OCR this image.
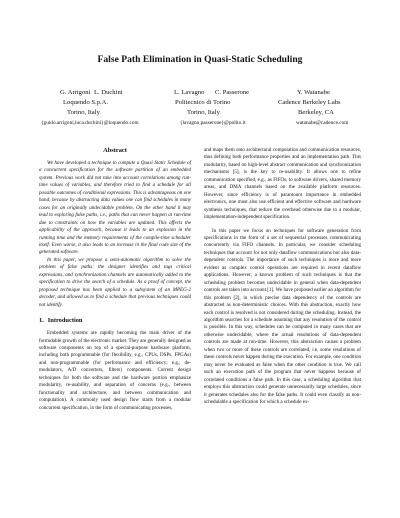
False Path Elimination in Quasi-Static Scheduling
G. Arrigoni L. Duchini	L. Lavagno C. Passerone	Y. Watanabe
Loquendo S.p.A.	Politecnico di Torino	Cadence Berkeley Labs
Torino, Italy	Torino, Italy	Berkeley, CA
{guido.arrigoni,luca.duchini}@loquendo.com	{lavagno,passerone}@polito.it	watanabe@cadence.com
Abstract

We have developed a technique to compute a Quasi Static Schedule of a concurrent specification for the software partition of an embedded system. Previous work did not take into account correlations among run-time values of variables, and therefore tried to find a schedule for all possible outcomes of conditional expressions. This is advantageous on one hand, because by abstracting data values one can find schedules in many cases for an originally undecidable problem. On the other hand it may lead to exploring false paths, i.e., paths that can never happen at run-time due to constraints on how the variables are updated. This affects the applicability of the approach, because it leads to an explosion in the running time and the memory requirements of the compile-time scheduler itself. Even worse, it also leads to an increase in the final code size of the generated software.

In this paper, we propose a semi-automatic algorithm to solve the problem of false paths: the designer identifies and tags critical expressions, and synchronization channels are automatically added to the specification to drive the search of a schedule. As a proof of concept, the proposed technique has been applied to a subsystem of an MPEG-2 decoder, and allowed us to find a schedule that previous techniques could not identify.

1. Introduction

Embedded systems are rapidly becoming the main driver of the formidable growth of the electronic market. They are generally designed as software components on top of a special-purpose hardware platform, including both programmable (for flexibility, e.g., CPUs, DSPs, FPGAs) and non-programmable (for performance and efficiency; e.g., de-modulators, A/D converters, filters) components. Current design techniques for both the software and the hardware portion emphasize modularity, re-usability, and separation of concerns (e.g., between functionality and architecture, and between communication and computation). A commonly used design flow starts from a modular concurrent specification, in the form of communicating processes,

and maps them onto architectural computation and communication resources, thus defining both performance properties and an implementation path. This modularity, based on high-level abstract communication and synchronization mechanisms [5], is the key to re-usability. It allows one to refine communication specified, e.g., as FIFOs, to software drivers, shared memory areas, and DMA channels based on the available platform resources. However, since efficiency is of paramount importance in embedded electronics, one must also use efficient and effective software and hardware synthesis techniques, that reduce the overhead otherwise due to a modular, implementation-independent specification.

In this paper we focus on techniques for software generation from specifications in the form of a set of sequential processes communicating concurrently via FIFO channels. In particular, we consider scheduling techniques that account for not only dataflow communications but also data-dependent controls. The importance of such techniques is more and more evident as complex control operations are required in recent dataflow applications. However, a known problem of such techniques is that the scheduling problem becomes undecidable in general when data-dependent controls are taken into account [1]. We have proposed earlier an algorithm for this problem [2], in which precise data dependency of the controls are abstracted as non-deterministic choices. With this abstraction, exactly how each control is resolved is not considered during the scheduling. Instead, the algorithm searches for a schedule assuming that any resolution of the control is possible. In this way, schedules can be computed in many cases that are otherwise undecidable, where the actual resolutions of data-dependent controls are made at run-time. However, this abstraction causes a problem when two or more of these controls are correlated, i.e. some resolutions of these controls never happen during the execution. For example, one condition may never be evaluated as false when the other condition is true. We call such an execution path of the program that never happens because of correlated conditions a false path. In this case, a scheduling algorithm that employs this abstraction could generate unnecessarily large schedules, since it generates schedules also for the false paths. It could even classify as non-schedulable a specification for which a schedule ex-
